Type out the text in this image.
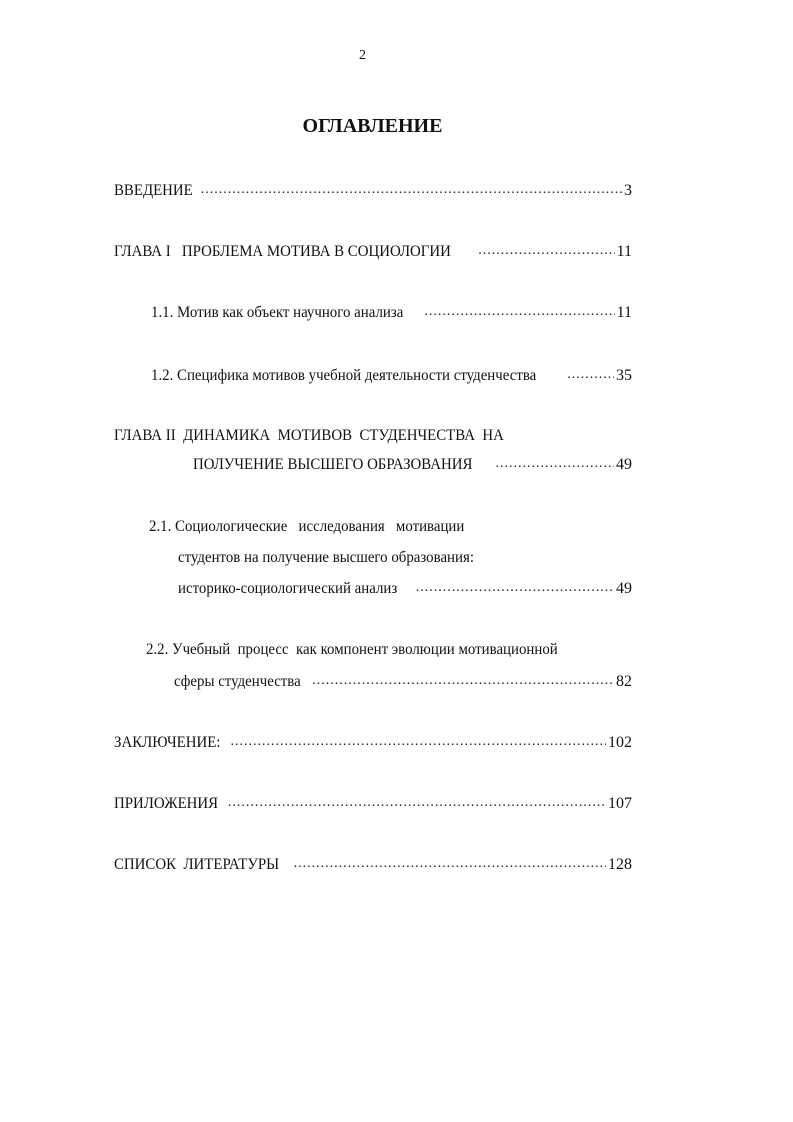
2
ОГЛАВЛЕНИЕ
ВВЕДЕНИЕ .....	3
ГЛАВА I   ПРОБЛЕМА МОТИВА В СОЦИОЛОГИИ .....	11
1.1. Мотив как объект научного анализа .....	11
1.2. Специфика мотивов учебной деятельности студенчества .....	35
ГЛАВА II  ДИНАМИКА  МОТИВОВ  СТУДЕНЧЕСТВА  НА
ПОЛУЧЕНИЕ ВЫСШЕГО ОБРАЗОВАНИЯ .....	49
2.1. Социологические   исследования   мотивации
студентов на получение высшего образования:
историко-социологический анализ .....	49
2.2. Учебный  процесс  как компонент эволюции мотивационной
сферы студенчества .....	82
ЗАКЛЮЧЕНИЕ: .....	102
ПРИЛОЖЕНИЯ .....	107
СПИСОК  ЛИТЕРАТУРЫ .....	128
